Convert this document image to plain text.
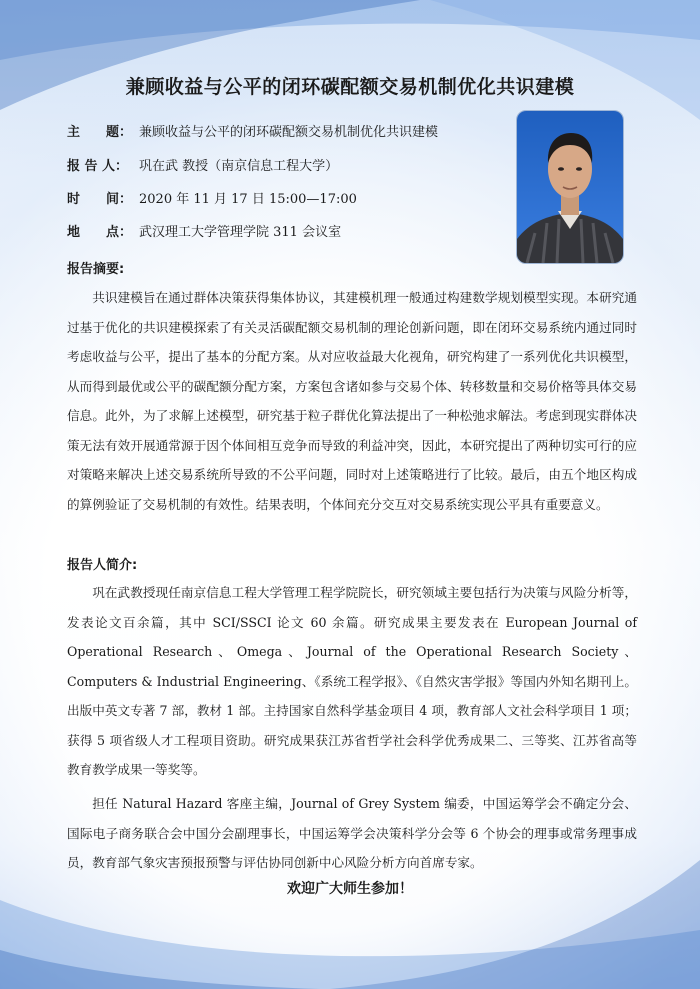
兼顾收益与公平的闭环碳配额交易机制优化共识建模
主　　题： 兼顾收益与公平的闭环碳配额交易机制优化共识建模
报 告 人： 巩在武 教授（南京信息工程大学）
时　　间： 2020 年 11 月 17 日 15:00—17:00
地　　点： 武汉理工大学管理学院 311 会议室
报告摘要:

共识建模旨在通过群体决策获得集体协议，其建模机理一般通过构建数学规划模型实现。本研究通过基于优化的共识建模探索了有关灵活碳配额交易机制的理论创新问题，即在闭环交易系统内通过同时考虑收益与公平，提出了基本的分配方案。从对应收益最大化视角，研究构建了一系列优化共识模型，从而得到最优或公平的碳配额分配方案，方案包含诸如参与交易个体、转移数量和交易价格等具体交易信息。此外，为了求解上述模型，研究基于粒子群优化算法提出了一种松弛求解法。考虑到现实群体决策无法有效开展通常源于因个体间相互竞争而导致的利益冲突，因此，本研究提出了两种切实可行的应对策略来解决上述交易系统所导致的不公平问题，同时对上述策略进行了比较。最后，由五个地区构成的算例验证了交易机制的有效性。结果表明，个体间充分交互对交易系统实现公平具有重要意义。

报告人简介:

巩在武教授现任南京信息工程大学管理工程学院院长，研究领域主要包括行为决策与风险分析等，发表论文百余篇，其中 SCI/SSCI 论文 60 余篇。研究成果主要发表在 European Journal of Operational Research、Omega、Journal of the Operational Research Society、Computers & Industrial Engineering、《系统工程学报》、《自然灾害学报》等国内外知名期刊上。出版中英文专著 7 部，教材 1 部。主持国家自然科学基金项目 4 项，教育部人文社会科学项目 1 项；获得 5 项省级人才工程项目资助。研究成果获江苏省哲学社会科学优秀成果二、三等奖、江苏省高等教育教学成果一等奖等。

担任 Natural Hazard 客座主编，Journal of Grey System 编委，中国运筹学会不确定分会、国际电子商务联合会中国分会副理事长，中国运筹学会决策科学分会等 6 个协会的理事或常务理事成员，教育部气象灾害预报预警与评估协同创新中心风险分析方向首席专家。

欢迎广大师生参加！
